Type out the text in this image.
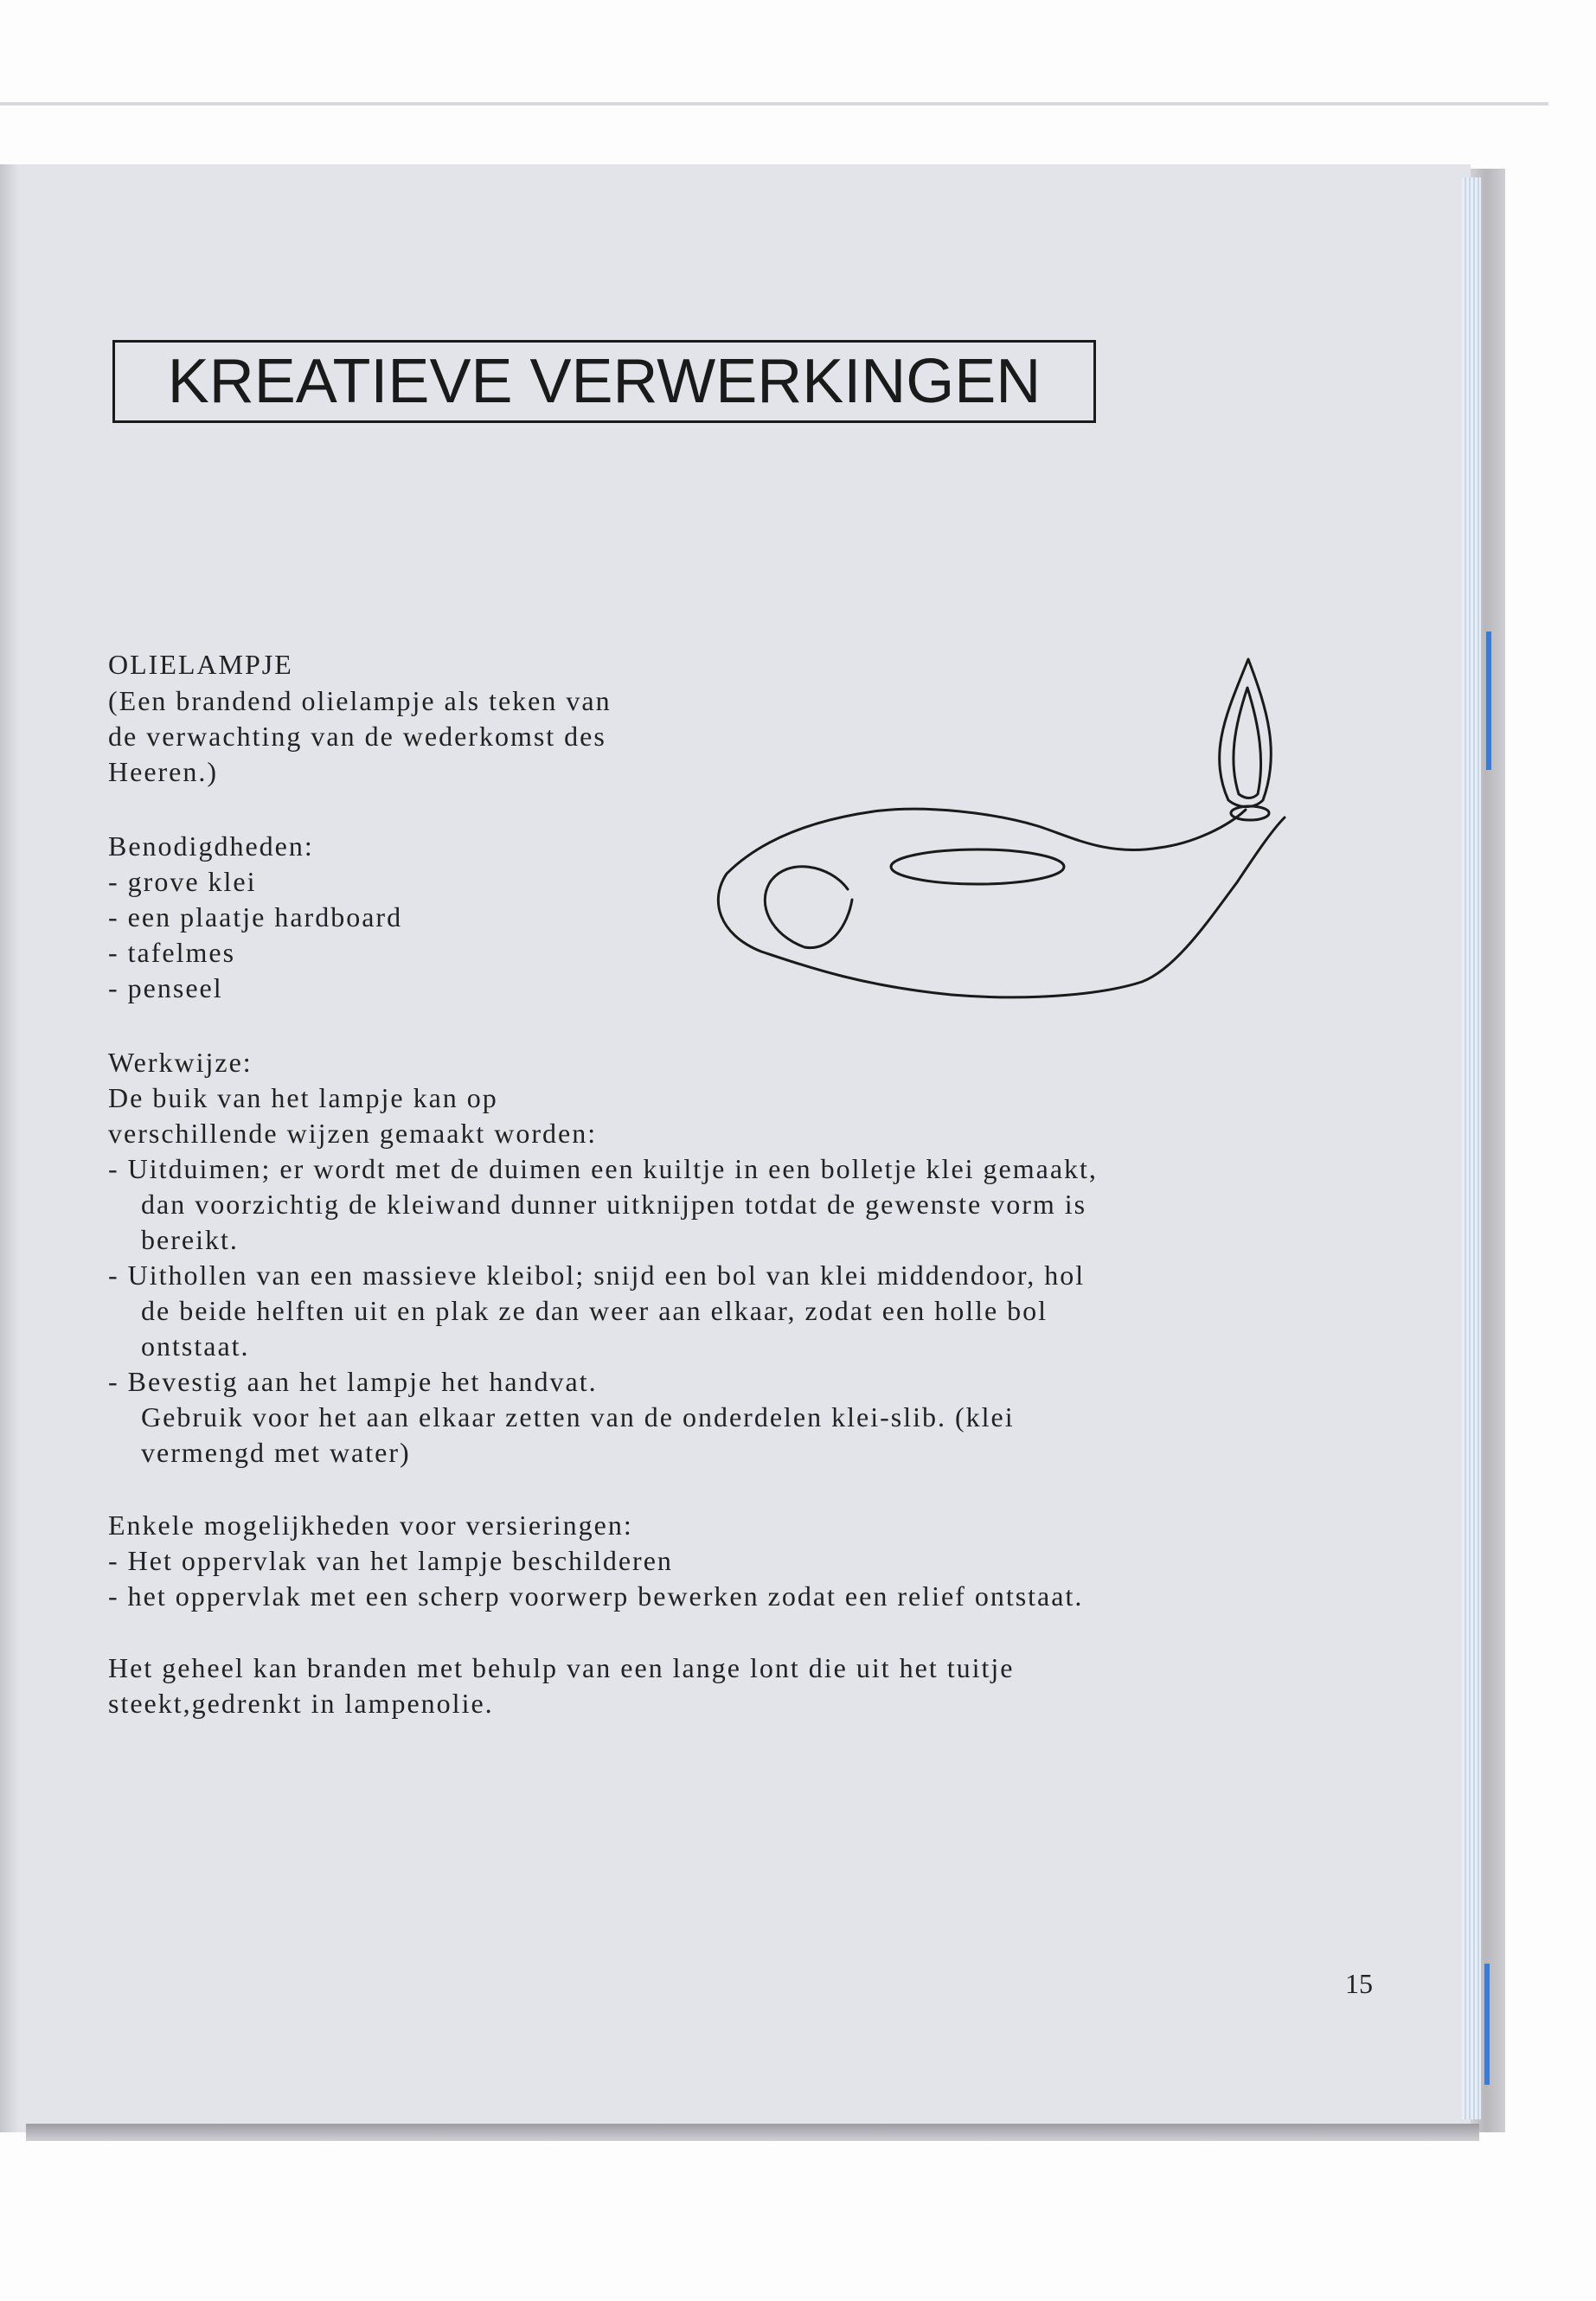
KREATIEVE VERWERKINGEN
OLIELAMPJE
(Een brandend olielampje als teken van
de verwachting van de wederkomst des
Heeren.)
Benodigdheden:
- grove klei
- een plaatje hardboard
- tafelmes
- penseel
Werkwijze:
De buik van het lampje kan op
verschillende wijzen gemaakt worden:
- Uitduimen; er wordt met de duimen een kuiltje in een bolletje klei gemaakt,
dan voorzichtig de kleiwand dunner uitknijpen totdat de gewenste vorm is
bereikt.
- Uithollen van een massieve kleibol; snijd een bol van klei middendoor, hol
de beide helften uit en plak ze dan weer aan elkaar, zodat een holle bol
ontstaat.
- Bevestig aan het lampje het handvat.
Gebruik voor het aan elkaar zetten van de onderdelen klei-slib. (klei
vermengd met water)
Enkele mogelijkheden voor versieringen:
- Het oppervlak van het lampje beschilderen
- het oppervlak met een scherp voorwerp bewerken zodat een relief ontstaat.
Het geheel kan branden met behulp van een lange lont die uit het tuitje
steekt,gedrenkt in lampenolie.
15
